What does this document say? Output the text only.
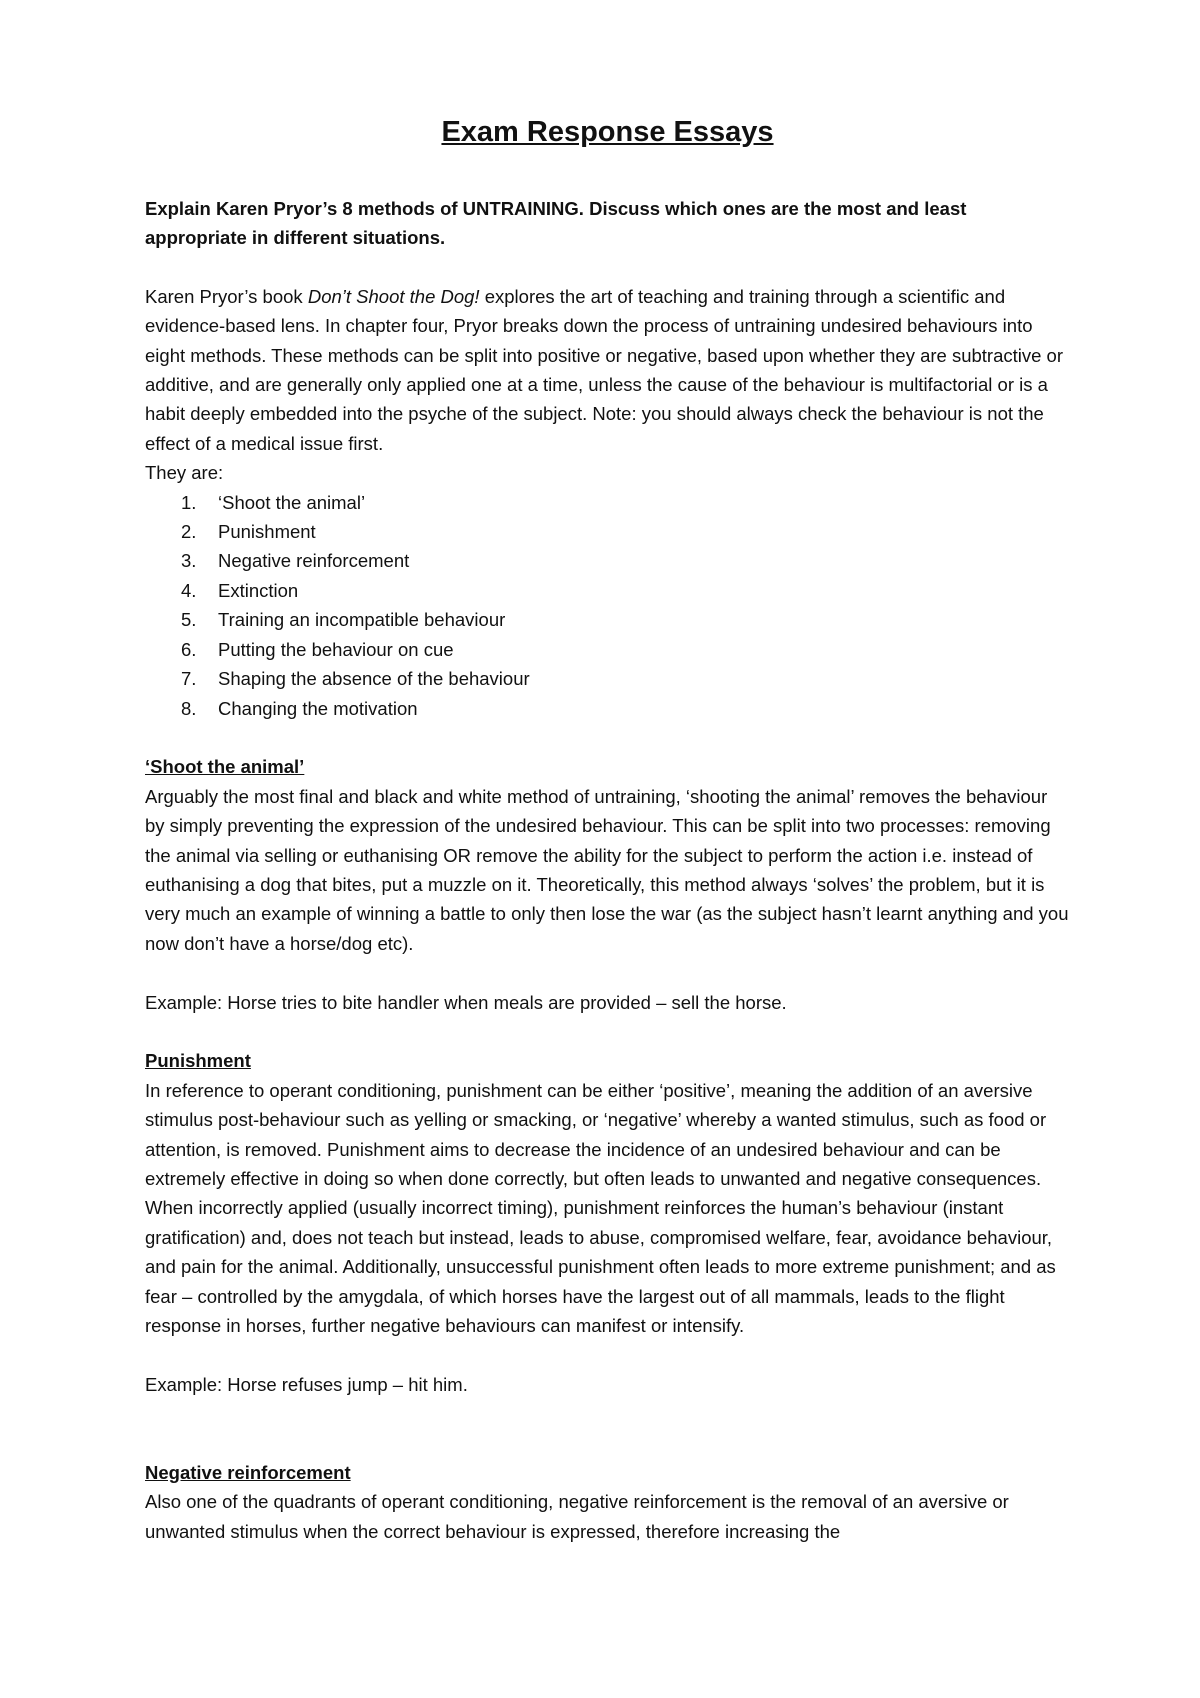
Exam Response Essays

Explain Karen Pryor’s 8 methods of UNTRAINING. Discuss which ones are the most and least appropriate in different situations.

Karen Pryor’s book Don’t Shoot the Dog! explores the art of teaching and training through a scientific and evidence-based lens. In chapter four, Pryor breaks down the process of untraining undesired behaviours into eight methods. These methods can be split into positive or negative, based upon whether they are subtractive or additive, and are generally only applied one at a time, unless the cause of the behaviour is multifactorial or is a habit deeply embedded into the psyche of the subject. Note: you should always check the behaviour is not the effect of a medical issue first.

They are:

1. ‘Shoot the animal’
2. Punishment
3. Negative reinforcement
4. Extinction
5. Training an incompatible behaviour
6. Putting the behaviour on cue
7. Shaping the absence of the behaviour
8. Changing the motivation

‘Shoot the animal’

Arguably the most final and black and white method of untraining, ‘shooting the animal’ removes the behaviour by simply preventing the expression of the undesired behaviour. This can be split into two processes: removing the animal via selling or euthanising OR remove the ability for the subject to perform the action i.e. instead of euthanising a dog that bites, put a muzzle on it. Theoretically, this method always ‘solves’ the problem, but it is very much an example of winning a battle to only then lose the war (as the subject hasn’t learnt anything and you now don’t have a horse/dog etc).

Example: Horse tries to bite handler when meals are provided – sell the horse.

Punishment

In reference to operant conditioning, punishment can be either ‘positive’, meaning the addition of an aversive stimulus post-behaviour such as yelling or smacking, or ‘negative’ whereby a wanted stimulus, such as food or attention, is removed. Punishment aims to decrease the incidence of an undesired behaviour and can be extremely effective in doing so when done correctly, but often leads to unwanted and negative consequences. When incorrectly applied (usually incorrect timing), punishment reinforces the human’s behaviour (instant gratification) and, does not teach but instead, leads to abuse, compromised welfare, fear, avoidance behaviour, and pain for the animal. Additionally, unsuccessful punishment often leads to more extreme punishment; and as fear – controlled by the amygdala, of which horses have the largest out of all mammals, leads to the flight response in horses, further negative behaviours can manifest or intensify.

Example: Horse refuses jump – hit him.

Negative reinforcement

Also one of the quadrants of operant conditioning, negative reinforcement is the removal of an aversive or unwanted stimulus when the correct behaviour is expressed, therefore increasing the
